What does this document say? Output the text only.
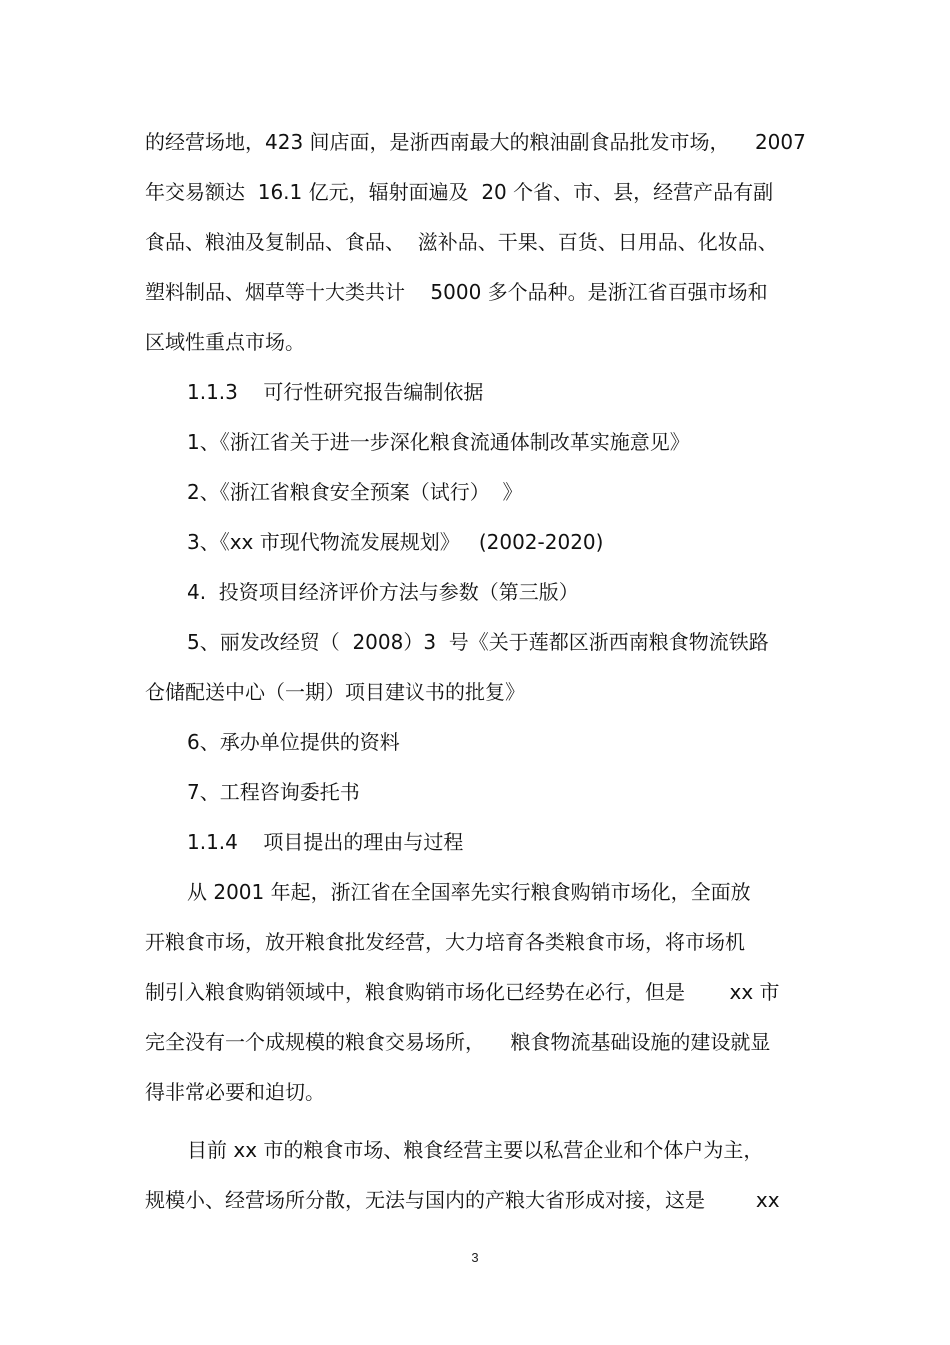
的经营场地，423 间店面，是浙西南最大的粮油副食品批发市场，    2007
年交易额达  16.1 亿元，辐射面遍及  20 个省、市、县，经营产品有副
食品、粮油及复制品、食品、  滋补品、干果、百货、日用品、化妆品、
塑料制品、烟草等十大类共计    5000 多个品种。是浙江省百强市场和
区域性重点市场。
1.1.3    可行性研究报告编制依据
1、《浙江省关于进一步深化粮食流通体制改革实施意见》
2、《浙江省粮食安全预案（试行）  》
3、《xx 市现代物流发展规划》   (2002-2020)
4.  投资项目经济评价方法与参数（第三版）
5、丽发改经贸（  2008）3  号《关于莲都区浙西南粮食物流铁路
仓储配送中心（一期）项目建议书的批复》
6、承办单位提供的资料
7、工程咨询委托书
1.1.4    项目提出的理由与过程
从 2001 年起，浙江省在全国率先实行粮食购销市场化，全面放
开粮食市场，放开粮食批发经营，大力培育各类粮食市场，将市场机
制引入粮食购销领域中，粮食购销市场化已经势在必行，但是       xx 市
完全没有一个成规模的粮食交易场所，    粮食物流基础设施的建设就显
得非常必要和迫切。
目前 xx 市的粮食市场、粮食经营主要以私营企业和个体户为主，
规模小、经营场所分散，无法与国内的产粮大省形成对接，这是        xx
3
